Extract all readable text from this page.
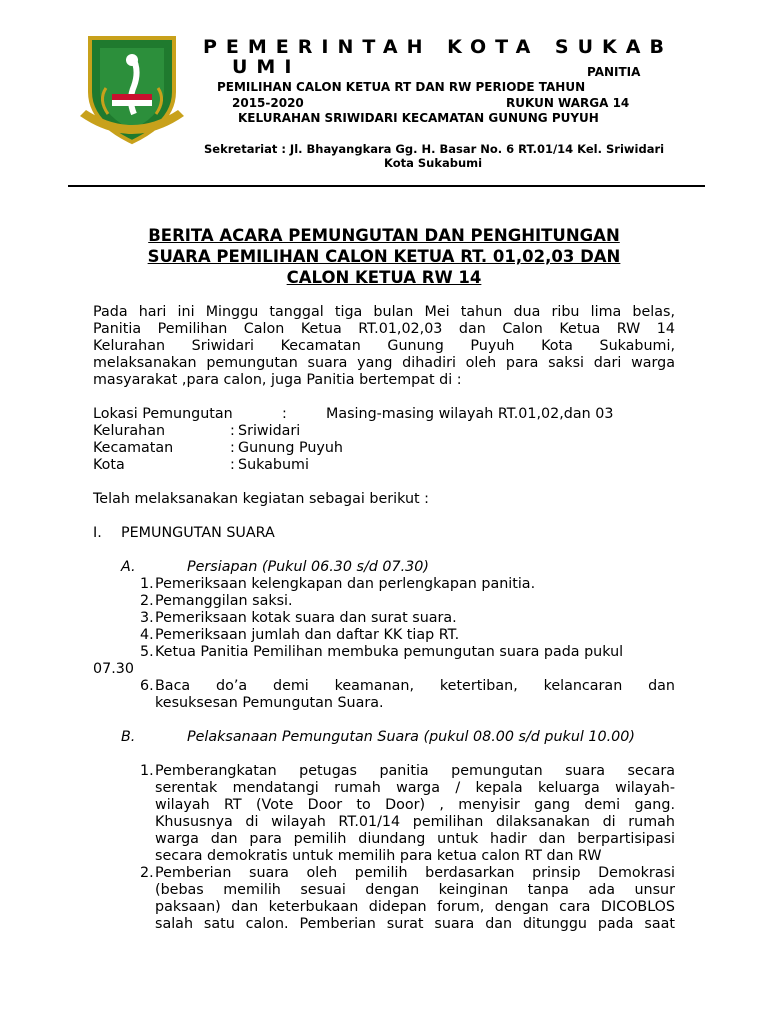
PEMERINTAH KOTA SUKAB
UMI	PANITIA
PEMILIHAN CALON KETUA RT DAN RW PERIODE TAHUN
2015-2020	RUKUN WARGA 14
KELURAHAN SRIWIDARI KECAMATAN GUNUNG PUYUH
Sekretariat : Jl. Bhayangkara Gg. H. Basar No. 6 RT.01/14 Kel. Sriwidari
Kota Sukabumi
BERITA ACARA PEMUNGUTAN DAN PENGHITUNGAN
SUARA PEMILIHAN CALON KETUA RT. 01,02,03 DAN
CALON KETUA RW 14
Pada hari ini Minggu tanggal tiga bulan Mei tahun dua ribu lima belas,
Panitia Pemilihan Calon Ketua RT.01,02,03 dan Calon Ketua RW 14
Kelurahan Sriwidari Kecamatan Gunung Puyuh Kota Sukabumi,
melaksanakan pemungutan suara yang dihadiri oleh para saksi dari warga
masyarakat ,para calon, juga Panitia bertempat di :
Lokasi Pemungutan	:	Masing-masing wilayah RT.01,02,dan 03
Kelurahan	: Sriwidari
Kecamatan	: Gunung Puyuh
Kota	: Sukabumi
Telah melaksanakan kegiatan sebagai berikut :
I. PEMUNGUTAN SUARA
A.	Persiapan (Pukul 06.30 s/d 07.30)
1. Pemeriksaan kelengkapan dan perlengkapan panitia.
2. Pemanggilan saksi.
3. Pemeriksaan kotak suara dan surat suara.
4. Pemeriksaan jumlah dan daftar KK tiap RT.
5. Ketua Panitia Pemilihan membuka pemungutan suara pada pukul
07.30
6. Baca do’a demi keamanan, ketertiban, kelancaran dan
kesuksesan Pemungutan Suara.
B.	Pelaksanaan Pemungutan Suara (pukul 08.00 s/d pukul 10.00)
1. Pemberangkatan petugas panitia pemungutan suara secara
serentak mendatangi rumah warga / kepala keluarga wilayah-
wilayah RT (Vote Door to Door) , menyisir gang demi gang.
Khususnya di wilayah RT.01/14 pemilihan dilaksanakan di rumah
warga dan para pemilih diundang untuk hadir dan berpartisipasi
secara demokratis untuk memilih para ketua calon RT dan RW
2. Pemberian suara oleh pemilih berdasarkan prinsip Demokrasi
(bebas memilih sesuai dengan keinginan tanpa ada unsur
paksaan) dan keterbukaan didepan forum, dengan cara DICOBLOS
salah satu calon. Pemberian surat suara dan ditunggu pada saat
